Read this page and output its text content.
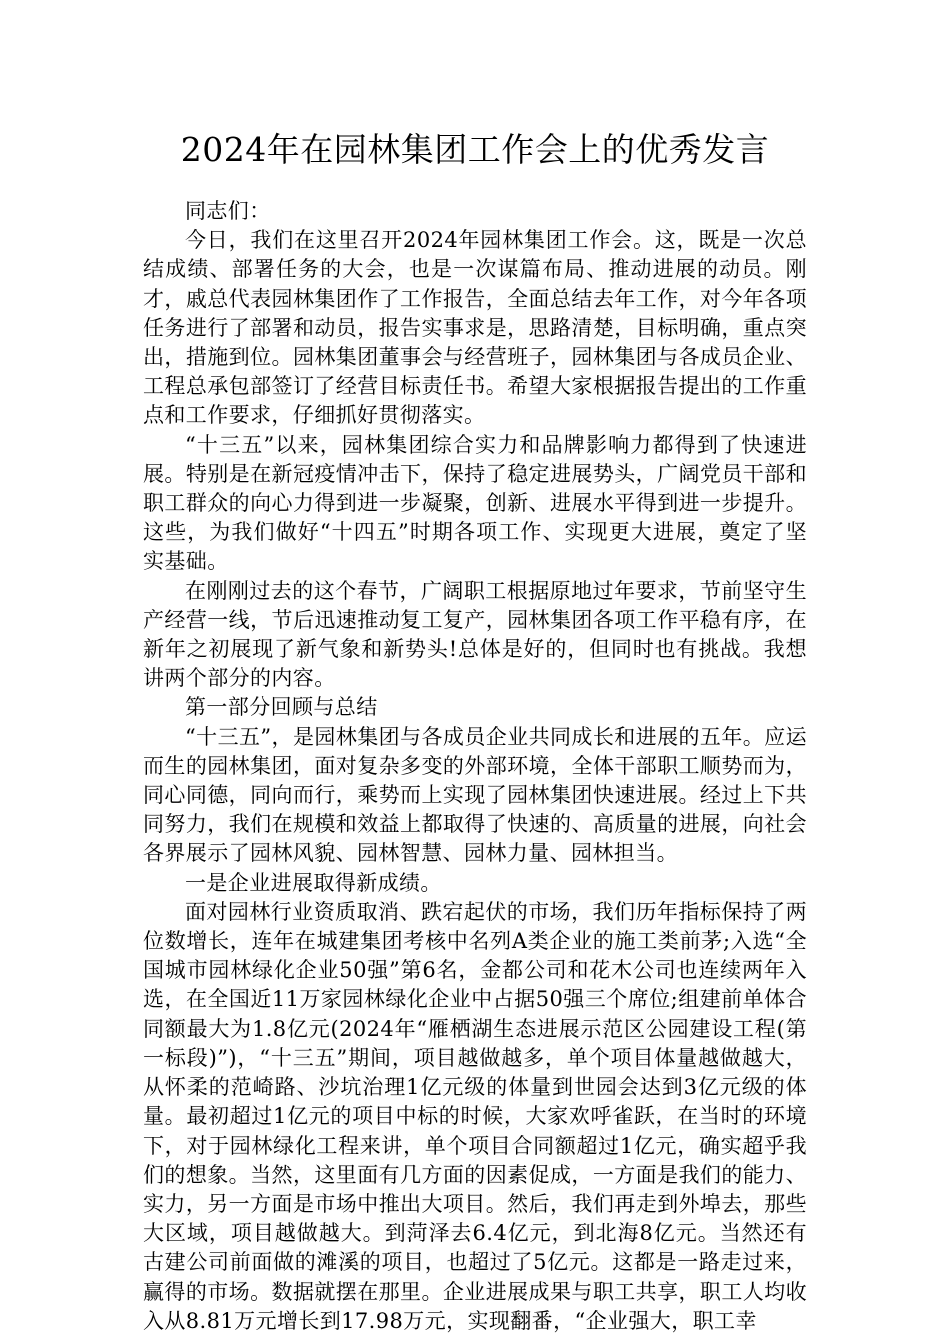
2024年在园林集团工作会上的优秀发言

同志们：

今日，我们在这里召开2024年园林集团工作会。这，既是一次总结成绩、部署任务的大会，也是一次谋篇布局、推动进展的动员。刚才，戚总代表园林集团作了工作报告，全面总结去年工作，对今年各项任务进行了部署和动员，报告实事求是，思路清楚，目标明确，重点突出，措施到位。园林集团董事会与经营班子，园林集团与各成员企业、工程总承包部签订了经营目标责任书。希望大家根据报告提出的工作重点和工作要求，仔细抓好贯彻落实。

“十三五”以来，园林集团综合实力和品牌影响力都得到了快速进展。特别是在新冠疫情冲击下，保持了稳定进展势头，广阔党员干部和职工群众的向心力得到进一步凝聚，创新、进展水平得到进一步提升。这些，为我们做好“十四五”时期各项工作、实现更大进展，奠定了坚实基础。

在刚刚过去的这个春节，广阔职工根据原地过年要求，节前坚守生产经营一线，节后迅速推动复工复产，园林集团各项工作平稳有序，在新年之初展现了新气象和新势头!总体是好的，但同时也有挑战。我想讲两个部分的内容。

第一部分回顾与总结

“十三五”，是园林集团与各成员企业共同成长和进展的五年。应运而生的园林集团，面对复杂多变的外部环境，全体干部职工顺势而为，同心同德，同向而行，乘势而上实现了园林集团快速进展。经过上下共同努力，我们在规模和效益上都取得了快速的、高质量的进展，向社会各界展示了园林风貌、园林智慧、园林力量、园林担当。

一是企业进展取得新成绩。

面对园林行业资质取消、跌宕起伏的市场，我们历年指标保持了两位数增长，连年在城建集团考核中名列A类企业的施工类前茅;入选“全国城市园林绿化企业50强”第6名，金都公司和花木公司也连续两年入选，在全国近11万家园林绿化企业中占据50强三个席位;组建前单体合同额最大为1.8亿元(2024年“雁栖湖生态进展示范区公园建设工程(第一标段)”)，“十三五”期间，项目越做越多，单个项目体量越做越大，从怀柔的范崎路、沙坑治理1亿元级的体量到世园会达到3亿元级的体量。最初超过1亿元的项目中标的时候，大家欢呼雀跃，在当时的环境下，对于园林绿化工程来讲，单个项目合同额超过1亿元，确实超乎我们的想象。当然，这里面有几方面的因素促成，一方面是我们的能力、实力，另一方面是市场中推出大项目。然后，我们再走到外埠去，那些大区域，项目越做越大。到菏泽去6.4亿元，到北海8亿元。当然还有古建公司前面做的滩溪的项目，也超过了5亿元。这都是一路走过来，赢得的市场。数据就摆在那里。企业进展成果与职工共享，职工人均收入从8.81万元增长到17.98万元，实现翻番，“企业强大，职工幸
